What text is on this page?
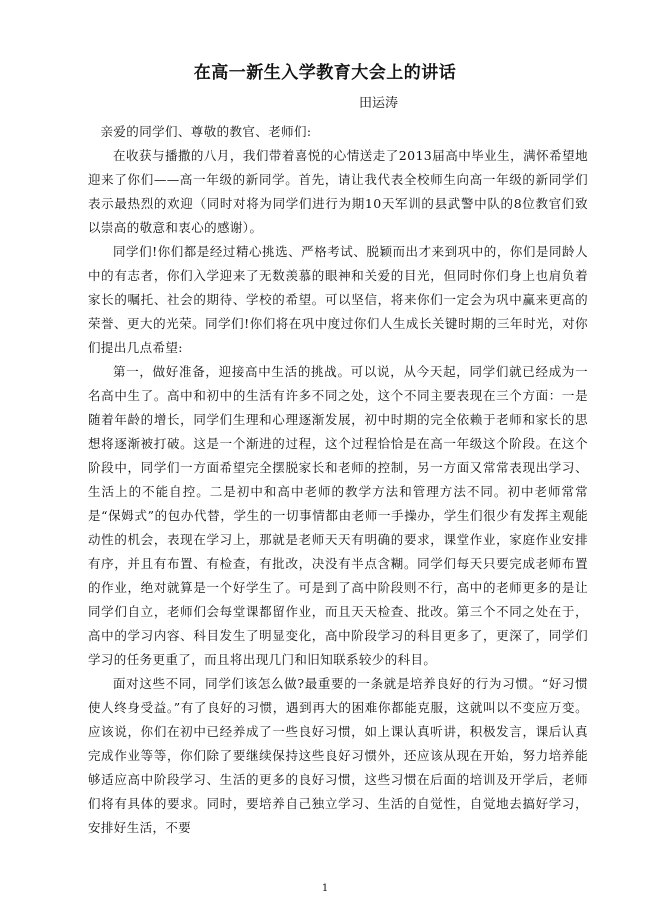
在高一新生入学教育大会上的讲话
田运涛

亲爱的同学们、尊敬的教官、老师们:

在收获与播撒的八月，我们带着喜悦的心情送走了2013届高中毕业生，满怀希望地迎来了你们——高一年级的新同学。首先，请让我代表全校师生向高一年级的新同学们表示最热烈的欢迎（同时对将为同学们进行为期10天军训的县武警中队的8位教官们致以崇高的敬意和衷心的感谢）。

同学们!你们都是经过精心挑选、严格考试、脱颖而出才来到巩中的，你们是同龄人中的有志者，你们入学迎来了无数羡慕的眼神和关爱的目光，但同时你们身上也肩负着家长的嘱托、社会的期待、学校的希望。可以坚信，将来你们一定会为巩中赢来更高的荣誉、更大的光荣。同学们!你们将在巩中度过你们人生成长关键时期的三年时光，对你们提出几点希望:

第一，做好准备，迎接高中生活的挑战。可以说，从今天起，同学们就已经成为一名高中生了。高中和初中的生活有许多不同之处，这个不同主要表现在三个方面：一是随着年龄的增长，同学们生理和心理逐渐发展，初中时期的完全依赖于老师和家长的思想将逐渐被打破。这是一个渐进的过程，这个过程恰恰是在高一年级这个阶段。在这个阶段中，同学们一方面希望完全摆脱家长和老师的控制，另一方面又常常表现出学习、生活上的不能自控。二是初中和高中老师的教学方法和管理方法不同。初中老师常常是“保姆式”的包办代替，学生的一切事情都由老师一手操办，学生们很少有发挥主观能动性的机会，表现在学习上，那就是老师天天有明确的要求，课堂作业，家庭作业安排有序，并且有布置、有检查，有批改，决没有半点含糊。同学们每天只要完成老师布置的作业，绝对就算是一个好学生了。可是到了高中阶段则不行，高中的老师更多的是让同学们自立，老师们会每堂课都留作业，而且天天检查、批改。第三个不同之处在于，高中的学习内容、科目发生了明显变化，高中阶段学习的科目更多了，更深了，同学们学习的任务更重了，而且将出现几门和旧知联系较少的科目。

面对这些不同，同学们该怎么做?最重要的一条就是培养良好的行为习惯。“好习惯使人终身受益。”有了良好的习惯，遇到再大的困难你都能克服，这就叫以不变应万变。应该说，你们在初中已经养成了一些良好习惯，如上课认真听讲，积极发言，课后认真完成作业等等，你们除了要继续保持这些良好习惯外，还应该从现在开始，努力培养能够适应高中阶段学习、生活的更多的良好习惯，这些习惯在后面的培训及开学后，老师们将有具体的要求。同时，要培养自己独立学习、生活的自觉性，自觉地去搞好学习，安排好生活，不要

1
